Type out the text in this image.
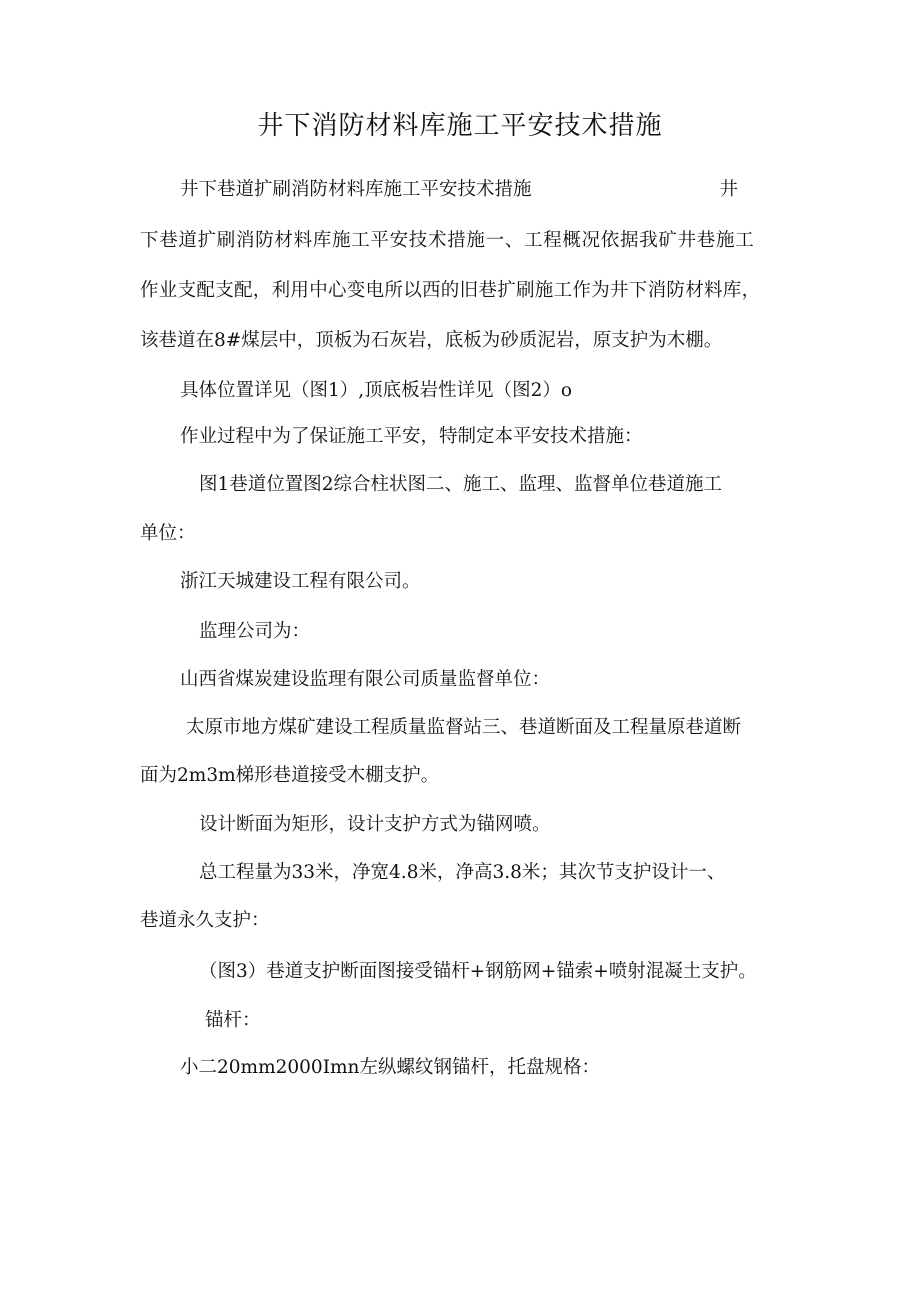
井下消防材料库施工平安技术措施

井下巷道扩刷消防材料库施工平安技术措施	井

下巷道扩刷消防材料库施工平安技术措施一、工程概况依据我矿井巷施工

作业支配支配，利用中心变电所以西的旧巷扩刷施工作为井下消防材料库，

该巷道在8#煤层中，顶板为石灰岩，底板为砂质泥岩，原支护为木棚。

具体位置详见（图1）,顶底板岩性详见（图2）o

作业过程中为了保证施工平安，特制定本平安技术措施：

图1巷道位置图2综合柱状图二、施工、监理、监督单位巷道施工

单位：

浙江天城建设工程有限公司。

监理公司为：

山西省煤炭建设监理有限公司质量监督单位：

太原市地方煤矿建设工程质量监督站三、巷道断面及工程量原巷道断

面为2m3m梯形巷道接受木棚支护。

设计断面为矩形，设计支护方式为锚网喷。

总工程量为33米，净宽4.8米，净高3.8米；其次节支护设计一、

巷道永久支护：

（图3）巷道支护断面图接受锚杆+钢筋网+锚索+喷射混凝土支护。

锚杆：

小二20mm2000Imn左纵螺纹钢锚杆，托盘规格：
